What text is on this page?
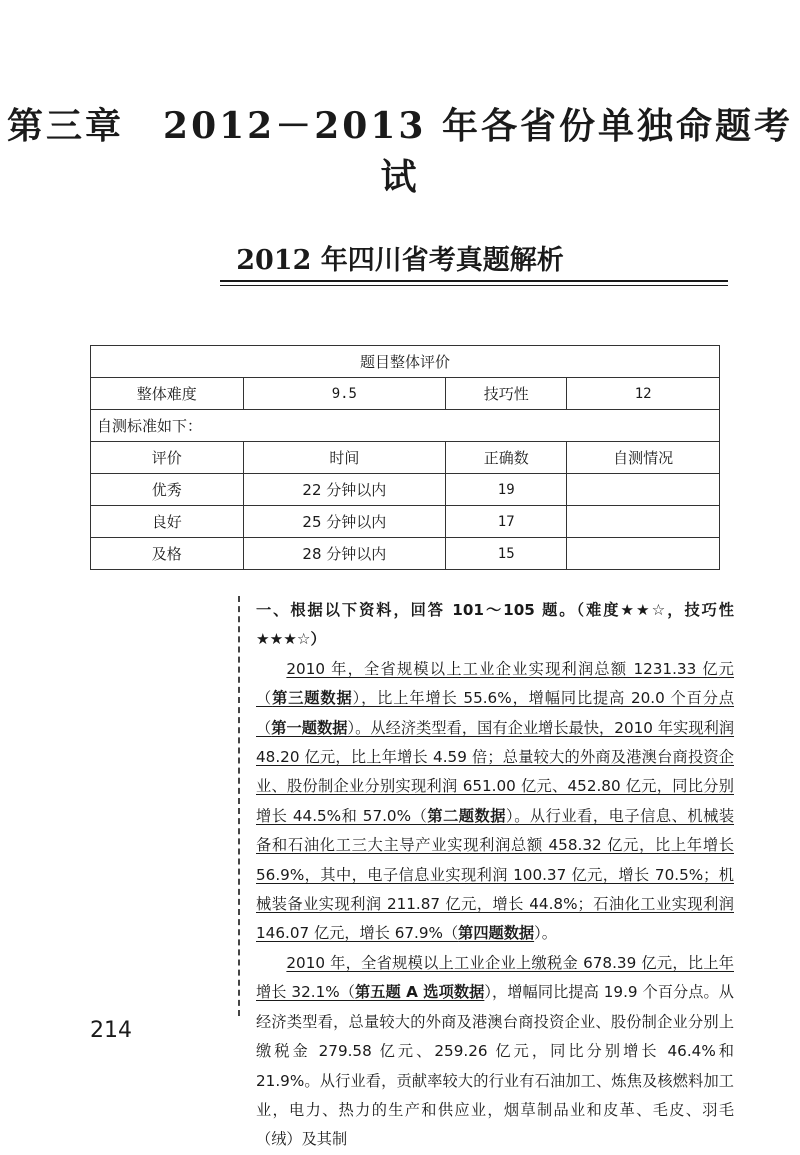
第三章　2012－2013 年各省份单独命题考试
2012 年四川省考真题解析
题目整体评价			
整体难度	9.5	技巧性	12
自测标准如下：			
评价	时间	正确数	自测情况
优秀	22 分钟以内	19	
良好	25 分钟以内	17	
及格	28 分钟以内	15	

一、根据以下资料，回答 101～105 题。（难度★★☆，技巧性★★★☆）

2010 年，全省规模以上工业企业实现利润总额 1231.33 亿元（第三题数据），比上年增长 55.6%，增幅同比提高 20.0 个百分点（第一题数据）。从经济类型看，国有企业增长最快，2010 年实现利润 48.20 亿元，比上年增长 4.59 倍；总量较大的外商及港澳台商投资企业、股份制企业分别实现利润 651.00 亿元、452.80 亿元，同比分别增长 44.5%和 57.0%（第二题数据）。从行业看，电子信息、机械装备和石油化工三大主导产业实现利润总额 458.32 亿元，比上年增长 56.9%，其中，电子信息业实现利润 100.37 亿元，增长 70.5%；机械装备业实现利润 211.87 亿元，增长 44.8%；石油化工业实现利润 146.07 亿元，增长 67.9%（第四题数据）。

2010 年，全省规模以上工业企业上缴税金 678.39 亿元，比上年增长 32.1%（第五题 A 选项数据），增幅同比提高 19.9 个百分点。从经济类型看，总量较大的外商及港澳台商投资企业、股份制企业分别上缴税金 279.58 亿元、259.26 亿元，同比分别增长 46.4%和 21.9%。从行业看，贡献率较大的行业有石油加工、炼焦及核燃料加工业，电力、热力的生产和供应业，烟草制品业和皮革、毛皮、羽毛（绒）及其制

214
